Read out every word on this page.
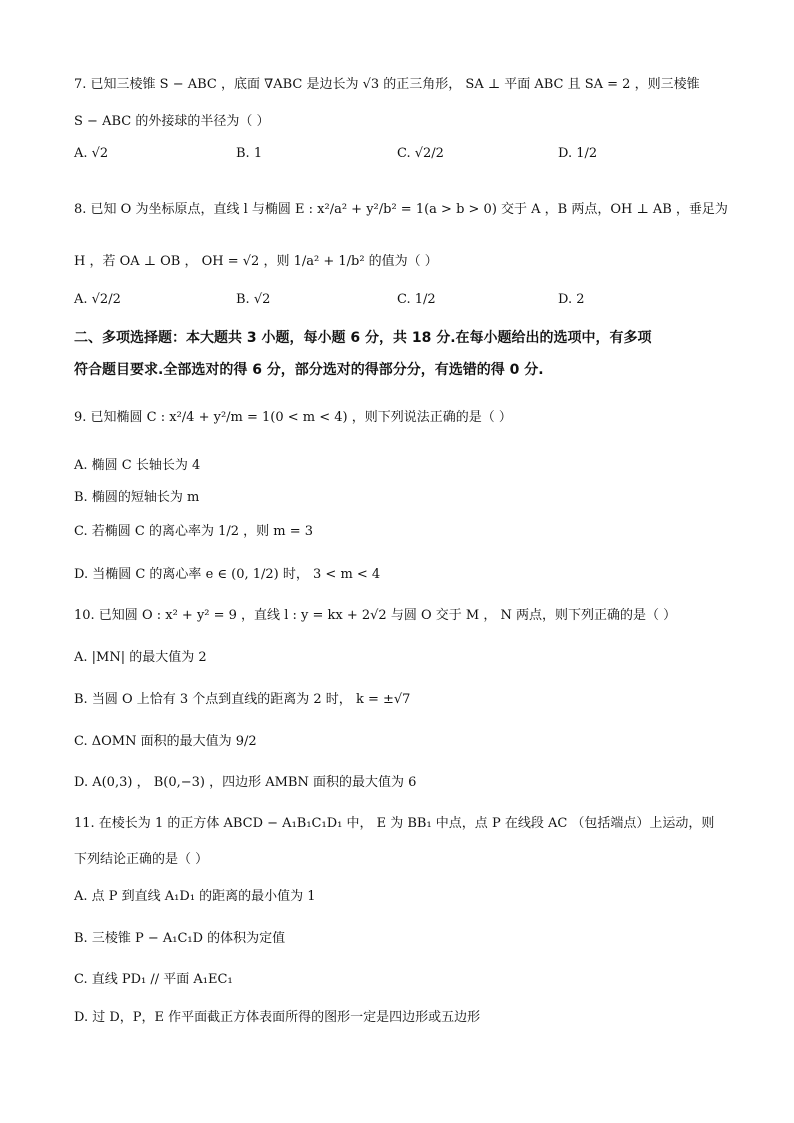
7. 已知三棱锥 S − ABC ，底面 ∇ABC 是边长为 √3 的正三角形， SA ⊥ 平面 ABC 且 SA = 2 ，则三棱锥
S − ABC 的外接球的半径为（ ）
A. √2	B. 1	C. √2/2	D. 1/2
8. 已知 O 为坐标原点，直线 l 与椭圆 E : x²/a² + y²/b² = 1(a > b > 0) 交于 A ，B 两点，OH ⊥ AB ，垂足为
H ，若 OA ⊥ OB ， OH = √2 ，则 1/a² + 1/b² 的值为（ ）
A. √2/2	B. √2	C. 1/2	D. 2
二、多项选择题：本大题共 3 小题，每小题 6 分，共 18 分.在每小题给出的选项中，有多项
符合题目要求.全部选对的得 6 分，部分选对的得部分分，有选错的得 0 分.
9. 已知椭圆 C : x²/4 + y²/m = 1(0 < m < 4) ，则下列说法正确的是（ ）
A. 椭圆 C 长轴长为 4
B. 椭圆的短轴长为 m
C. 若椭圆 C 的离心率为 1/2 ，则 m = 3
D. 当椭圆 C 的离心率 e ∈ (0, 1/2) 时， 3 < m < 4
10. 已知圆 O : x² + y² = 9 ，直线 l : y = kx + 2√2 与圆 O 交于 M ， N 两点，则下列正确的是（ ）
A. |MN| 的最大值为 2
B. 当圆 O 上恰有 3 个点到直线的距离为 2 时， k = ±√7
C. ΔOMN 面积的最大值为 9/2
D. A(0,3) ， B(0,−3) ，四边形 AMBN 面积的最大值为 6
11. 在棱长为 1 的正方体 ABCD − A₁B₁C₁D₁ 中， E 为 BB₁ 中点，点 P 在线段 AC （包括端点）上运动，则
下列结论正确的是（ ）
A. 点 P 到直线 A₁D₁ 的距离的最小值为 1
B. 三棱锥 P − A₁C₁D 的体积为定值
C. 直线 PD₁ // 平面 A₁EC₁
D. 过 D，P，E 作平面截正方体表面所得的图形一定是四边形或五边形
